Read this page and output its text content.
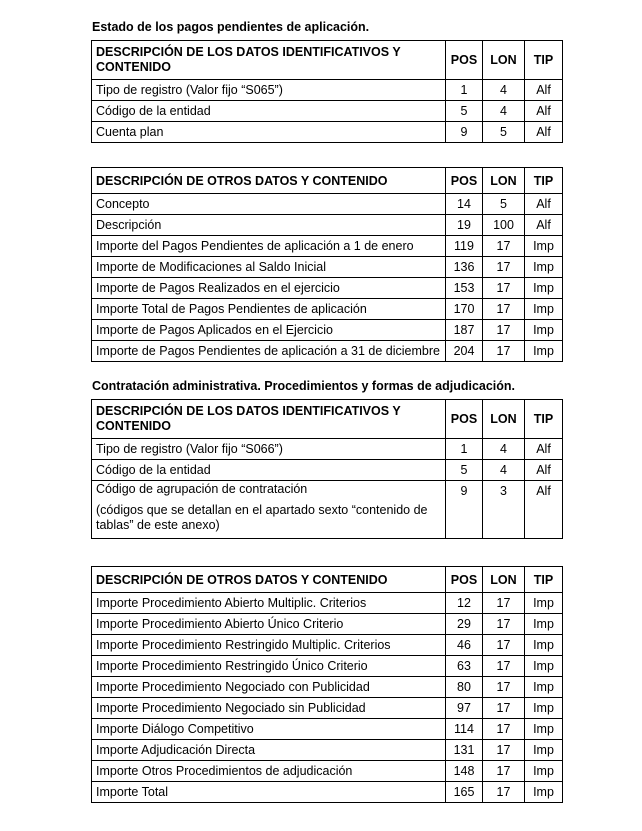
Estado de los pagos pendientes de aplicación.
DESCRIPCIÓN DE LOS DATOS IDENTIFICATIVOS Y CONTENIDO	POS	LON	TIP
Tipo de registro (Valor fijo “S065”)	1	4	Alf
Código de la entidad	5	4	Alf
Cuenta plan	9	5	Alf
DESCRIPCIÓN DE OTROS DATOS Y CONTENIDO	POS	LON	TIP
Concepto	14	5	Alf
Descripción	19	100	Alf
Importe del Pagos Pendientes de aplicación a 1 de enero	119	17	Imp
Importe de Modificaciones al Saldo Inicial	136	17	Imp
Importe de Pagos Realizados en el ejercicio	153	17	Imp
Importe Total de Pagos Pendientes de aplicación	170	17	Imp
Importe de Pagos Aplicados en el Ejercicio	187	17	Imp
Importe de Pagos Pendientes de aplicación a 31 de diciembre	204	17	Imp
Contratación administrativa. Procedimientos y formas de adjudicación.
DESCRIPCIÓN DE LOS DATOS IDENTIFICATIVOS Y CONTENIDO	POS	LON	TIP
Tipo de registro (Valor fijo “S066”)	1	4	Alf
Código de la entidad	5	4	Alf
Código de agrupación de contratación
(códigos que se detallan en el apartado sexto “contenido de tablas” de este anexo)	9	3	Alf
DESCRIPCIÓN DE OTROS DATOS Y CONTENIDO	POS	LON	TIP
Importe Procedimiento Abierto Multiplic. Criterios	12	17	Imp
Importe Procedimiento Abierto Único Criterio	29	17	Imp
Importe Procedimiento Restringido Multiplic. Criterios	46	17	Imp
Importe Procedimiento Restringido Único Criterio	63	17	Imp
Importe Procedimiento Negociado con Publicidad	80	17	Imp
Importe Procedimiento Negociado sin Publicidad	97	17	Imp
Importe Diálogo Competitivo	114	17	Imp
Importe Adjudicación Directa	131	17	Imp
Importe Otros Procedimientos de adjudicación	148	17	Imp
Importe Total	165	17	Imp
